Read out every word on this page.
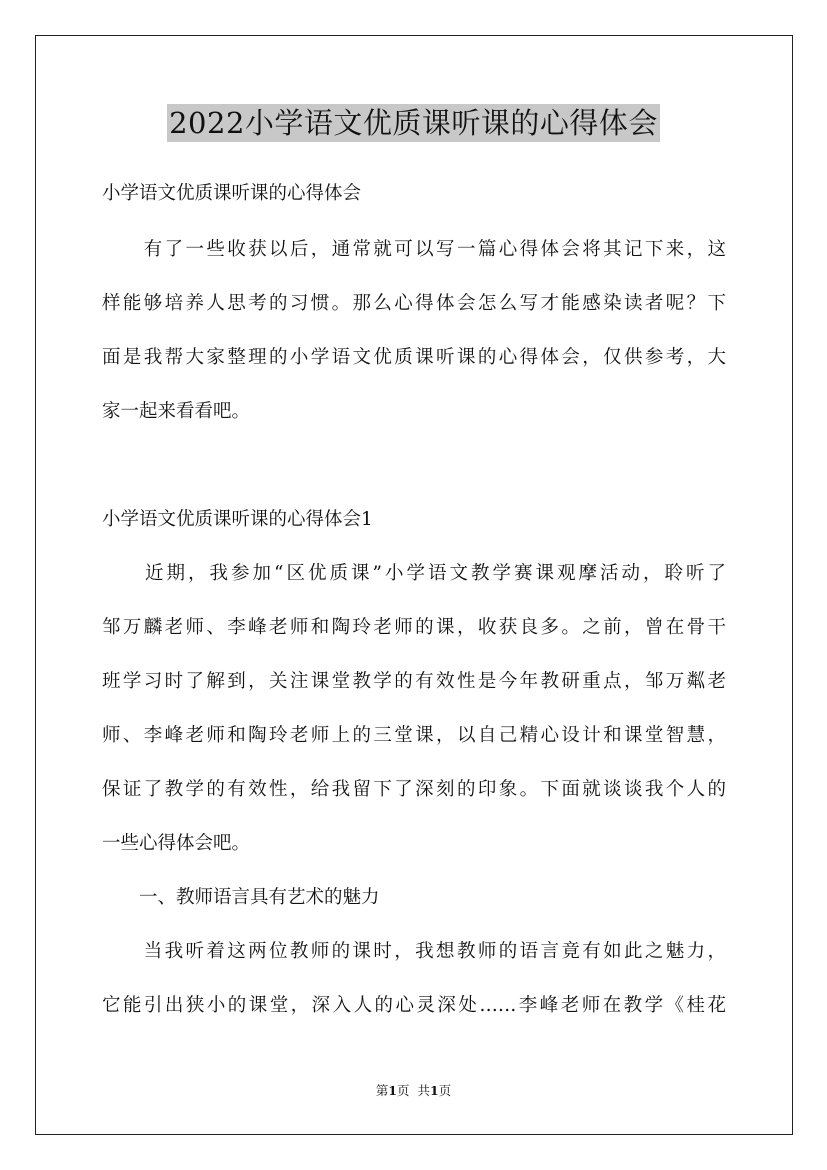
2022小学语文优质课听课的心得体会
小学语文优质课听课的心得体会
　　有了一些收获以后，通常就可以写一篇心得体会将其记下来，这
样能够培养人思考的习惯。那么心得体会怎么写才能感染读者呢？下
面是我帮大家整理的小学语文优质课听课的心得体会，仅供参考，大
家一起来看看吧。
小学语文优质课听课的心得体会1
　　近期，我参加“区优质课”小学语文教学赛课观摩活动，聆听了
邹万麟老师、李峰老师和陶玲老师的课，收获良多。之前，曾在骨干
班学习时了解到，关注课堂教学的有效性是今年教研重点，邹万粼老
师、李峰老师和陶玲老师上的三堂课，以自己精心设计和课堂智慧，
保证了教学的有效性，给我留下了深刻的印象。下面就谈谈我个人的
一些心得体会吧。
　　一、教师语言具有艺术的魅力
　　当我听着这两位教师的课时，我想教师的语言竟有如此之魅力，
它能引出狭小的课堂，深入人的心灵深处……李峰老师在教学《桂花
第1页 共1页
